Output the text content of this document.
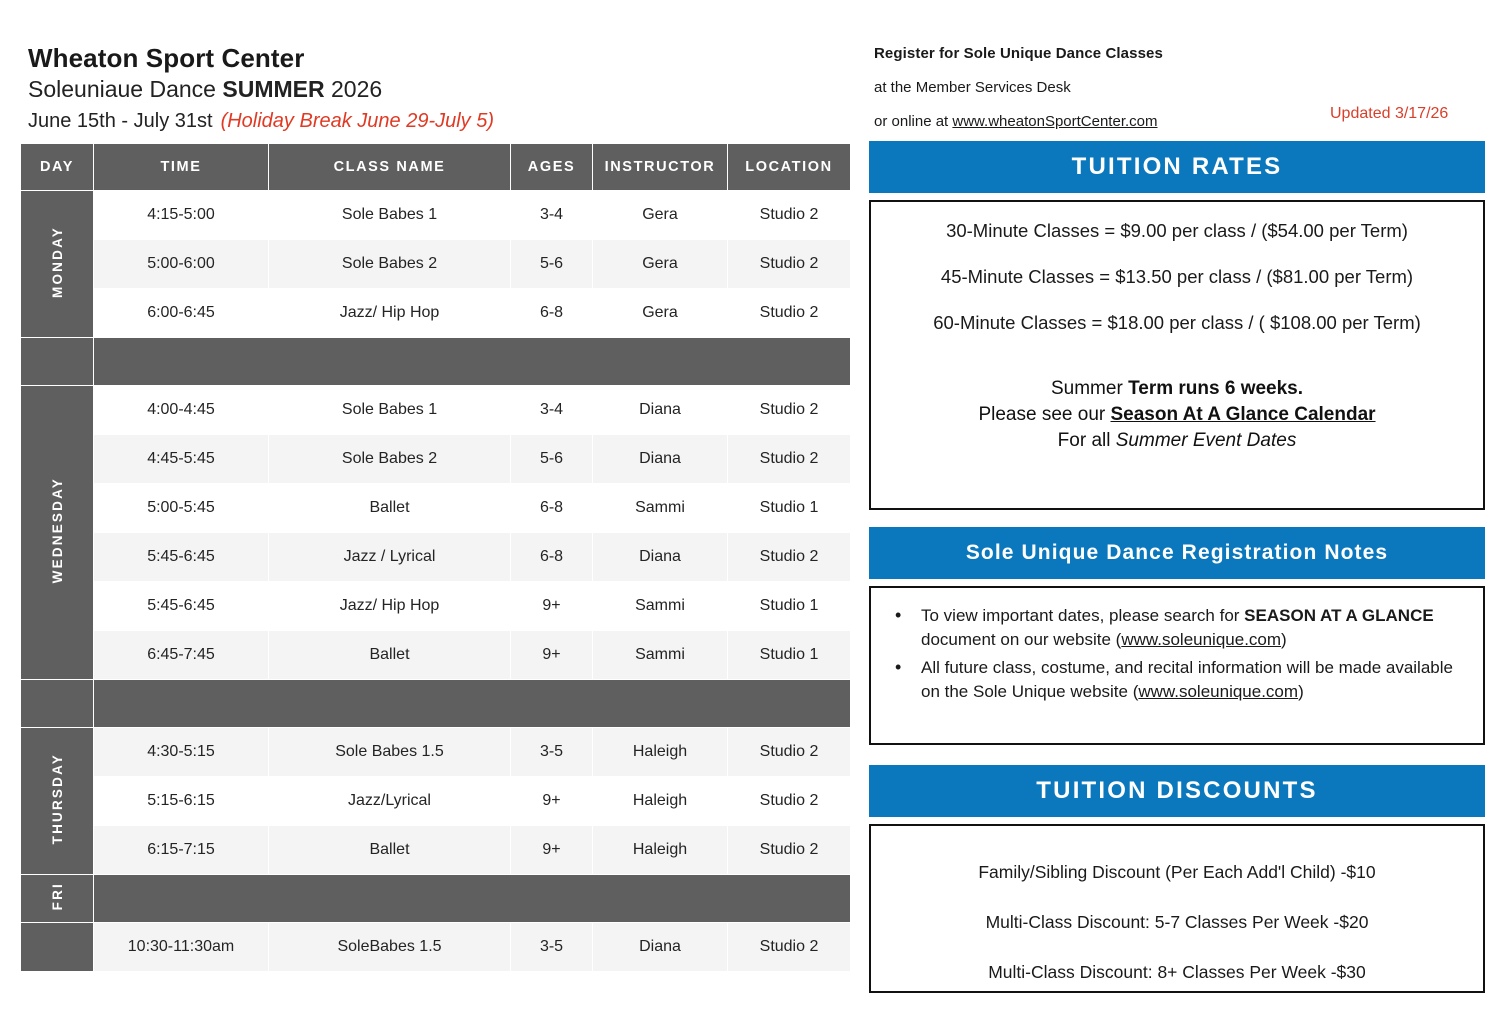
Wheaton Sport Center
Soleuniaue Dance SUMMER 2026
June 15th - July 31st (Holiday Break June 29-July 5)
Register for Sole Unique Dance Classes
at the Member Services Desk
or online at www.wheatonSportCenter.com	Updated 3/17/26
DAY	TIME	CLASS NAME	AGES	INSTRUCTOR	LOCATION
MONDAY	4:15-5:00	Sole Babes 1	3-4	Gera	Studio 2
	5:00-6:00	Sole Babes 2	5-6	Gera	Studio 2
	6:00-6:45	Jazz/ Hip Hop	6-8	Gera	Studio 2

WEDNESDAY	4:00-4:45	Sole Babes 1	3-4	Diana	Studio 2
	4:45-5:45	Sole Babes 2	5-6	Diana	Studio 2
	5:00-5:45	Ballet	6-8	Sammi	Studio 1
	5:45-6:45	Jazz / Lyrical	6-8	Diana	Studio 2
	5:45-6:45	Jazz/ Hip Hop	9+	Sammi	Studio 1
	6:45-7:45	Ballet	9+	Sammi	Studio 1

THURSDAY	4:30-5:15	Sole Babes 1.5	3-5	Haleigh	Studio 2
	5:15-6:15	Jazz/Lyrical	9+	Haleigh	Studio 2
	6:15-7:15	Ballet	9+	Haleigh	Studio 2
FRI					
	10:30-11:30am	SoleBabes 1.5	3-5	Diana	Studio 2
TUITION RATES
30-Minute Classes = $9.00 per class / ($54.00 per Term)
45-Minute Classes = $13.50 per class / ($81.00 per Term)
60-Minute Classes = $18.00 per class / ( $108.00 per Term)
Summer Term runs 6 weeks.
Please see our Season At A Glance Calendar
For all Summer Event Dates
Sole Unique Dance Registration Notes
• To view important dates, please search for SEASON AT A GLANCE document on our website (www.soleunique.com)
• All future class, costume, and recital information will be made available on the Sole Unique website (www.soleunique.com)
TUITION DISCOUNTS
Family/Sibling Discount (Per Each Add'l Child) -$10
Multi-Class Discount: 5-7 Classes Per Week -$20
Multi-Class Discount: 8+ Classes Per Week -$30
